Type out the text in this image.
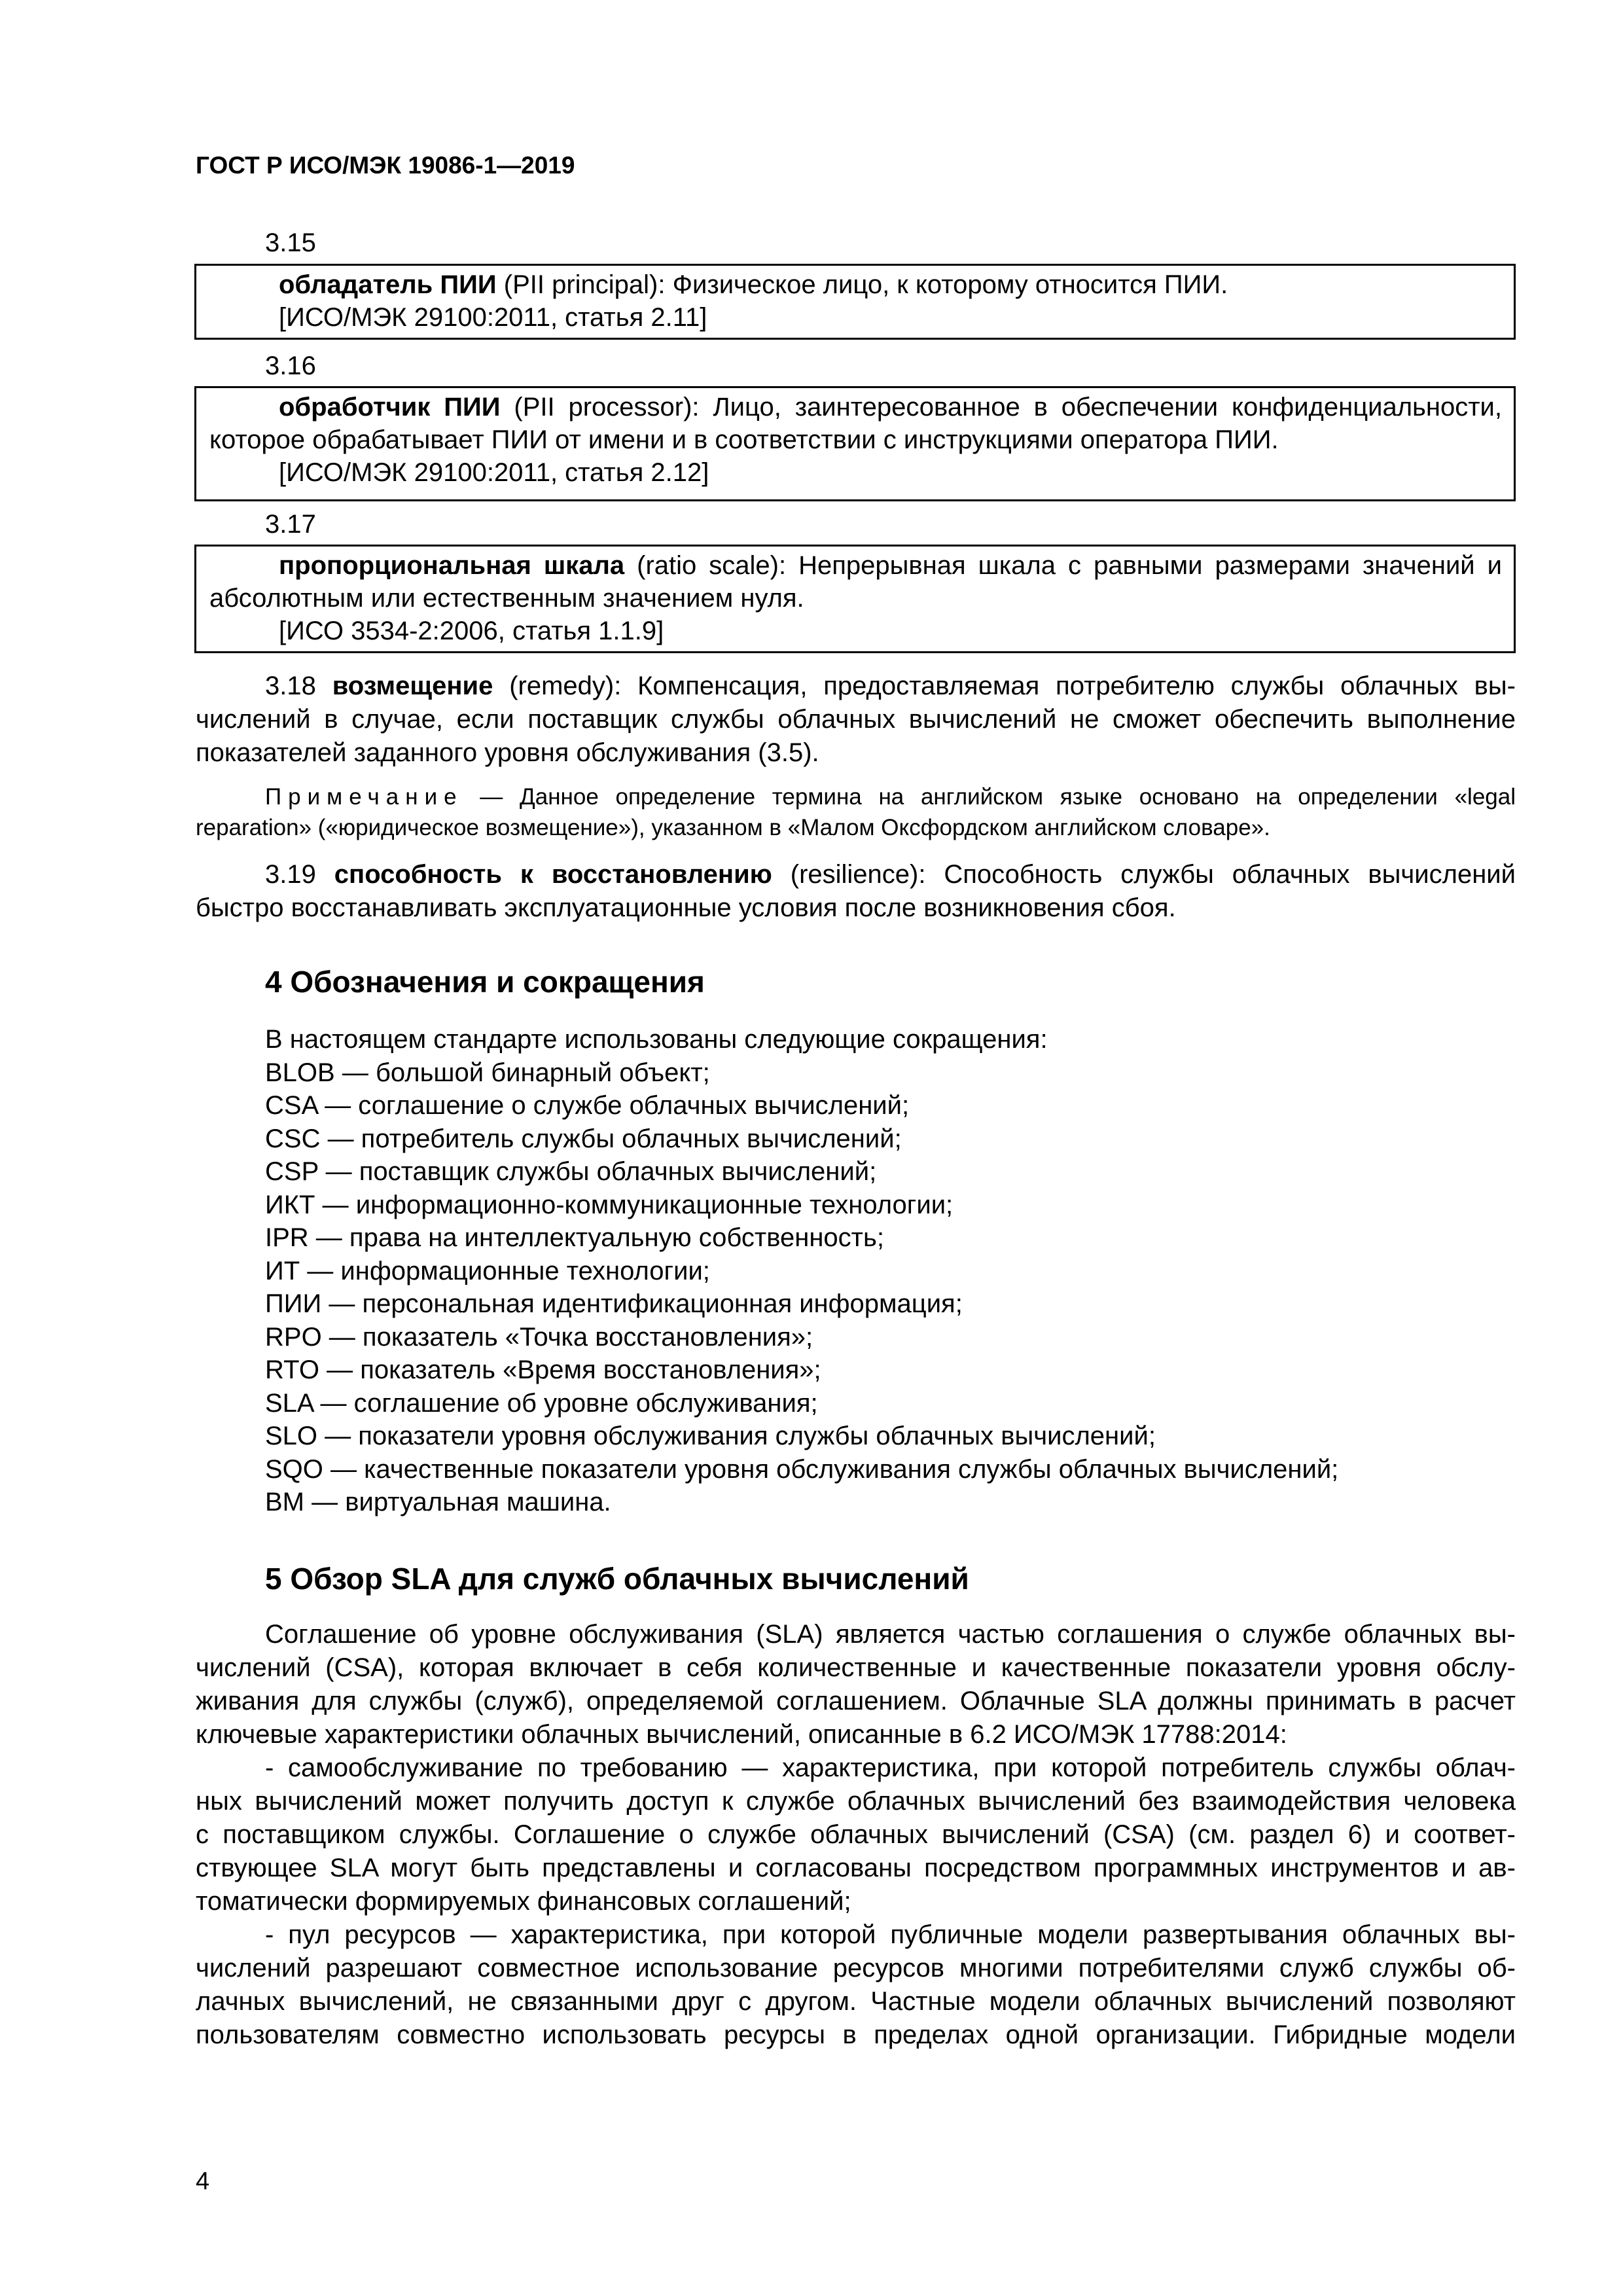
ГОСТ Р ИСО/МЭК 19086-1—2019
3.15
обладатель ПИИ (PII principal): Физическое лицо, к которому относится ПИИ.
[ИСО/МЭК 29100:2011, статья 2.11]
3.16
обработчик ПИИ (PII processor): Лицо, заинтересованное в обеспечении конфиденциальности,
которое обрабатывает ПИИ от имени и в соответствии с инструкциями оператора ПИИ.
[ИСО/МЭК 29100:2011, статья 2.12]
3.17
пропорциональная шкала (ratio scale): Непрерывная шкала с равными размерами значений и
абсолютным или естественным значением нуля.
[ИСО 3534-2:2006, статья 1.1.9]
3.18 возмещение (remedy): Компенсация, предоставляемая потребителю службы облачных вы-
числений в случае, если поставщик службы облачных вычислений не сможет обеспечить выполнение
показателей заданного уровня обслуживания (3.5).
Примечание — Данное определение термина на английском языке основано на определении «legal
reparation» («юридическое возмещение»), указанном в «Малом Оксфордском английском словаре».
3.19 способность к восстановлению (resilience): Способность службы облачных вычислений
быстро восстанавливать эксплуатационные условия после возникновения сбоя.
4 Обозначения и сокращения
В настоящем стандарте использованы следующие сокращения:
BLOB — большой бинарный объект;
CSA — соглашение о службе облачных вычислений;
CSC — потребитель службы облачных вычислений;
CSP — поставщик службы облачных вычислений;
ИКТ — информационно-коммуникационные технологии;
IPR — права на интеллектуальную собственность;
ИТ — информационные технологии;
ПИИ — персональная идентификационная информация;
RPO — показатель «Точка восстановления»;
RTO — показатель «Время восстановления»;
SLA — соглашение об уровне обслуживания;
SLO — показатели уровня обслуживания службы облачных вычислений;
SQO — качественные показатели уровня обслуживания службы облачных вычислений;
ВМ — виртуальная машина.
5 Обзор SLA для служб облачных вычислений
Соглашение об уровне обслуживания (SLA) является частью соглашения о службе облачных вы-
числений (CSA), которая включает в себя количественные и качественные показатели уровня обслу-
живания для службы (служб), определяемой соглашением. Облачные SLA должны принимать в расчет
ключевые характеристики облачных вычислений, описанные в 6.2 ИСО/МЭК 17788:2014:
- самообслуживание по требованию — характеристика, при которой потребитель службы облач-
ных вычислений может получить доступ к службе облачных вычислений без взаимодействия человека
с поставщиком службы. Соглашение о службе облачных вычислений (CSA) (см. раздел 6) и соответ-
ствующее SLA могут быть представлены и согласованы посредством программных инструментов и ав-
томатически формируемых финансовых соглашений;
- пул ресурсов — характеристика, при которой публичные модели развертывания облачных вы-
числений разрешают совместное использование ресурсов многими потребителями служб службы об-
лачных вычислений, не связанными друг с другом. Частные модели облачных вычислений позволяют
пользователям совместно использовать ресурсы в пределах одной организации. Гибридные модели
4
